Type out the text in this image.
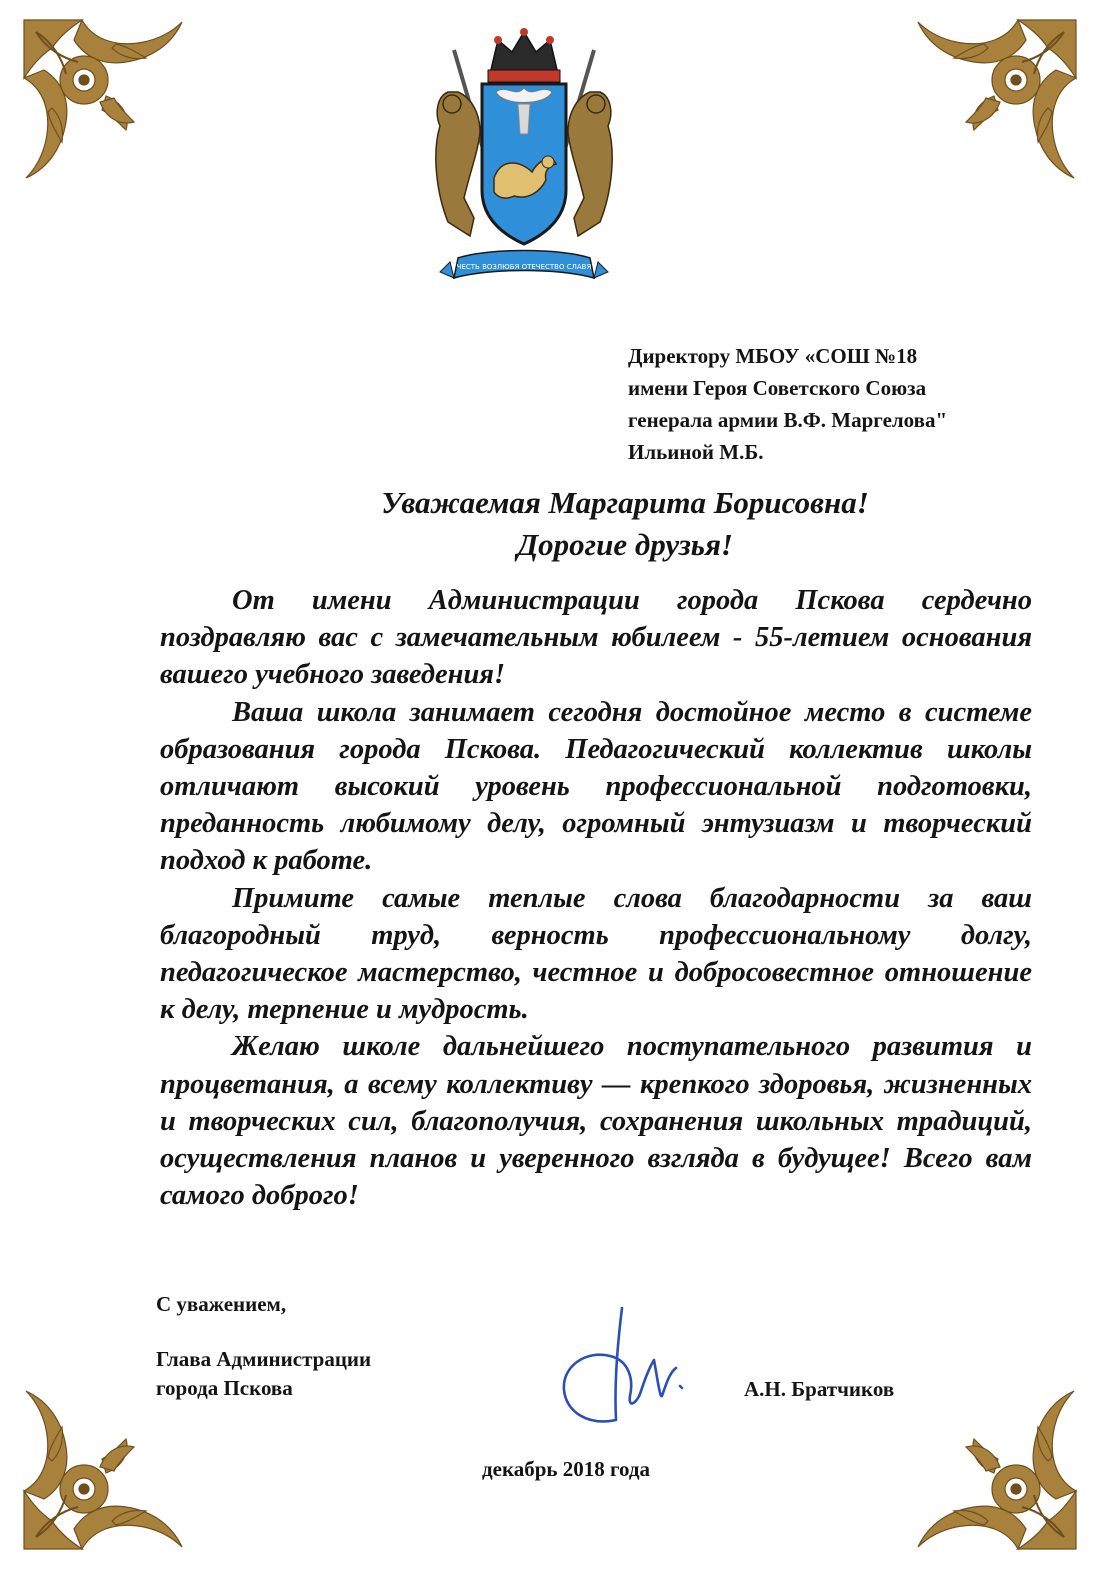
ЧЕСТЬ ВОЗЛЮБЯ ОТЕЧЕСТВО СЛАВЯ
Директору МБОУ «СОШ №18
имени Героя Советского Союза
генерала армии В.Ф. Маргелова"
Ильиной М.Б.
Уважаемая Маргарита Борисовна!
Дорогие друзья!

От имени Администрации города Пскова сердечно поздравляю вас с замечательным юбилеем - 55-летием основания вашего учебного заведения!

Ваша школа занимает сегодня достойное место в системе образования города Пскова. Педагогический коллектив школы отличают высокий уровень профессиональной подготовки, преданность любимому делу, огромный энтузиазм и творческий подход к работе.

Примите самые теплые слова благодарности за ваш благородный труд, верность профессиональному долгу, педагогическое мастерство, честное и добросовестное отношение к делу, терпение и мудрость.

Желаю школе дальнейшего поступательного развития и процветания, а всему коллективу — крепкого здоровья, жизненных и творческих сил, благополучия, сохранения школьных традиций, осуществления планов и уверенного взгляда в будущее! Всего вам самого доброго!

С уважением,
Глава Администрации
города Пскова	А.Н. Братчиков
декабрь 2018 года
